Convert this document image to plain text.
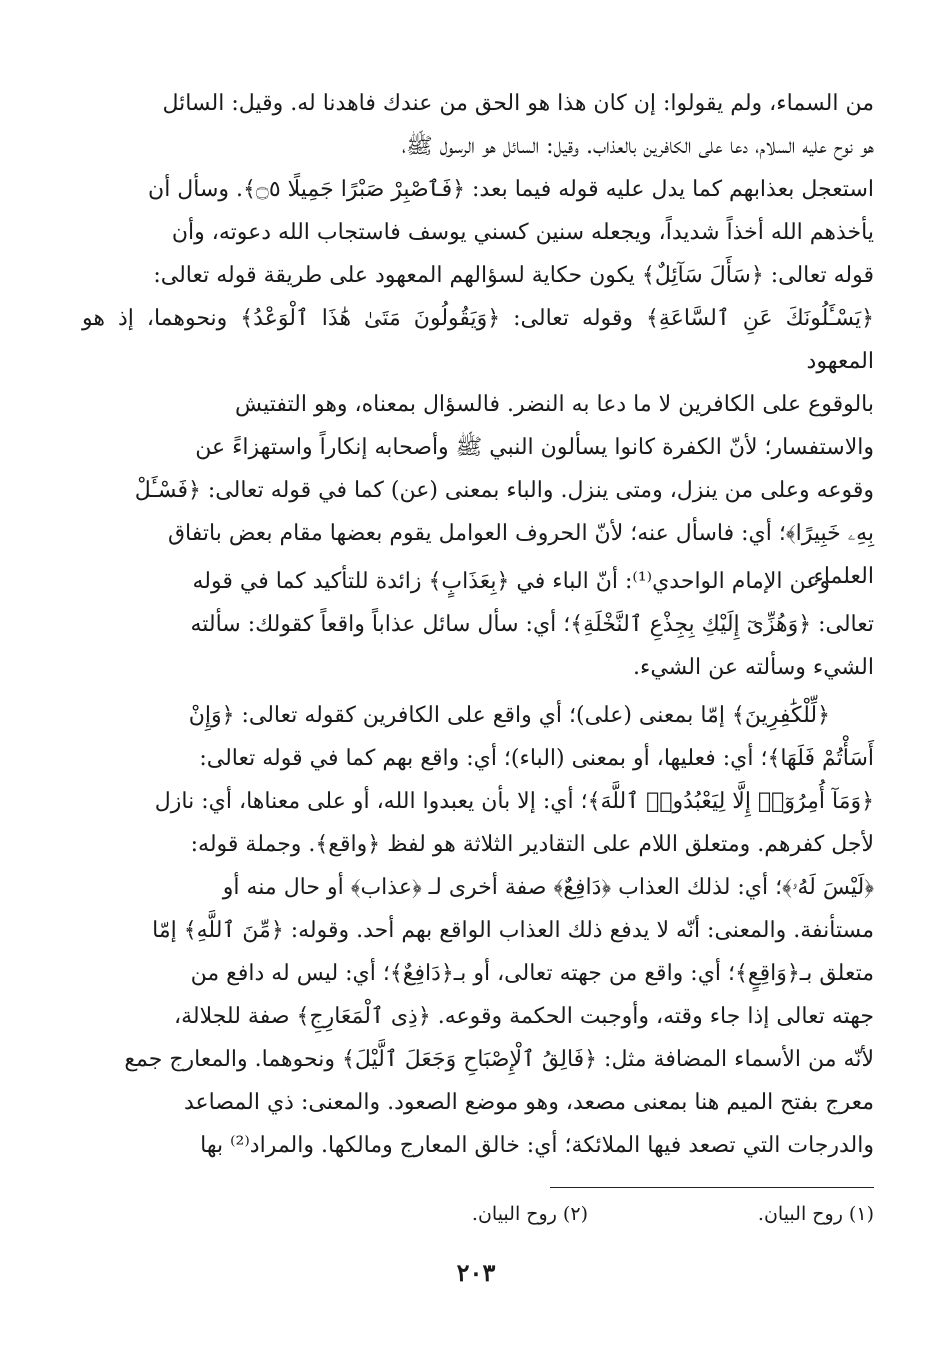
من السماء، ولم يقولوا: إن كان هذا هو الحق من عندك فاهدنا له. وقيل: السائل

هو نوح عليه السلام، دعا على الكافرين بالعذاب. وقيل: السائل هو الرسول ﷺ،

استعجل بعذابهم كما يدل عليه قوله فيما بعد: ﴿فَٱصْبِرْ صَبْرًا جَمِيلًا ۝٥﴾. وسأل أن

يأخذهم الله أخذاً شديداً، ويجعله سنين كسني يوسف فاستجاب الله دعوته، وأن

قوله تعالى: ﴿سَأَلَ سَآئِلٌ﴾ يكون حكاية لسؤالهم المعهود على طريقة قوله تعالى:

﴿يَسْـَٔلُونَكَ عَنِ ٱلسَّاعَةِ﴾ وقوله تعالى: ﴿وَيَقُولُونَ مَتَىٰ هَٰذَا ٱلْوَعْدُ﴾ ونحوهما، إذ هو المعهود

بالوقوع على الكافرين لا ما دعا به النضر. فالسؤال بمعناه، وهو التفتيش

والاستفسار؛ لأنّ الكفرة كانوا يسألون النبي ﷺ وأصحابه إنكاراً واستهزاءً عن

وقوعه وعلى من ينزل، ومتى ينزل. والباء بمعنى (عن) كما في قوله تعالى: ﴿فَسْـَٔلْ

بِهِۦ خَبِيرًا﴾؛ أي: فاسأل عنه؛ لأنّ الحروف العوامل يقوم بعضها مقام بعض باتفاق

العلماء.

وعن الإمام الواحدي⁽¹⁾: أنّ الباء في ﴿بِعَذَابٍ﴾ زائدة للتأكيد كما في قوله

تعالى: ﴿وَهُزِّىٓ إِلَيْكِ بِجِذْعِ ٱلنَّخْلَةِ﴾؛ أي: سأل سائل عذاباً واقعاً كقولك: سألته

الشيء وسألته عن الشيء.

﴿لِّلْكَٰفِرِينَ﴾ إمّا بمعنى (على)؛ أي واقع على الكافرين كقوله تعالى: ﴿وَإِنْ

أَسَأْتُمْ فَلَهَا﴾؛ أي: فعليها، أو بمعنى (الباء)؛ أي: واقع بهم كما في قوله تعالى:

﴿وَمَآ أُمِرُوٓا۟ إِلَّا لِيَعْبُدُوا۟ ٱللَّهَ﴾؛ أي: إلا بأن يعبدوا الله، أو على معناها، أي: نازل

لأجل كفرهم. ومتعلق اللام على التقادير الثلاثة هو لفظ ﴿واقع﴾. وجملة قوله:

﴿لَيْسَ لَهُۥ﴾؛ أي: لذلك العذاب ﴿دَافِعٌ﴾ صفة أخرى لـ ﴿عذاب﴾ أو حال منه أو

مستأنفة. والمعنى: أنّه لا يدفع ذلك العذاب الواقع بهم أحد. وقوله: ﴿مِّنَ ٱللَّهِ﴾ إمّا

متعلق بـ﴿وَاقِعٍ﴾؛ أي: واقع من جهته تعالى، أو بـ﴿دَافِعٌ﴾؛ أي: ليس له دافع من

جهته تعالى إذا جاء وقته، وأوجبت الحكمة وقوعه. ﴿ذِى ٱلْمَعَارِجِ﴾ صفة للجلالة،

لأنّه من الأسماء المضافة مثل: ﴿فَالِقُ ٱلْإِصْبَاحِ وَجَعَلَ ٱلَّيْلَ﴾ ونحوهما. والمعارج جمع

معرج بفتح الميم هنا بمعنى مصعد، وهو موضع الصعود. والمعنى: ذي المصاعد

والدرجات التي تصعد فيها الملائكة؛ أي: خالق المعارج ومالكها. والمراد⁽²⁾ بها

(١) روح البيان.
(٢) روح البيان.
٢٠٣
